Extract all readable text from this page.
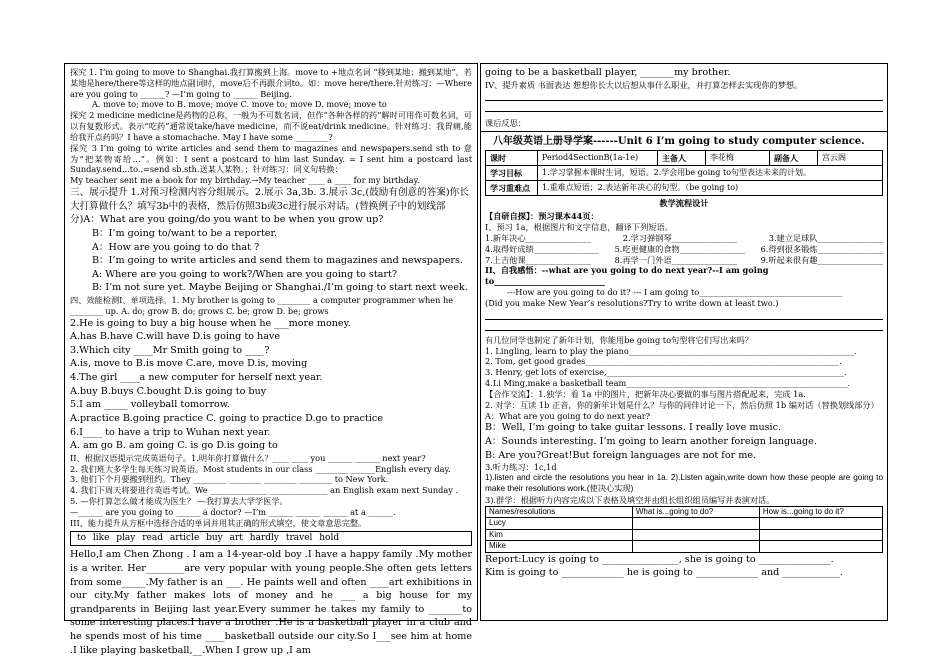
探究 1. I’m going to move to Shanghai.我打算搬到上海。move to +地点名词 “移到某地；搬到某地”，若某地是here/there等这样的地点副词时，move后不再跟介词to。如：move here/there.针对练习：—Where are you going to ______? —I’m going to ______ Beijing.

A. move to; move to B. move; move C. move to; move D. move; move to

探究 2 medicine medicine是药物的总称，一般为不可数名词，但作“各种各样的药”解时可用作可数名词，可以有复数形式。表示“吃药”通常说take/have medicine，而不说eat/drink medicine。针对练习：我胃痛,能给我开点药吗？I have a stomachache. May I have some ________?

探究 3 I’m going to write articles and send them to magazines and newspapers.send sth to 意为“把某物寄给…”。例如：I sent a postcard to him last Sunday. = I sent him a postcard last Sunday.send...to..=send sb.sth.送某人某物。；针对练习：同义句转换：

My teacher sent me a book for my birthday.→My teacher ____ a ____ for my birthday.

三、展示提升 1.对预习检测内容分组展示。2.展示 3a,3b. 3.展示 3c,(鼓励有创意的答案)你长大打算做什么？填写3b中的表格，然后仿照3b或3c进行展示对话。(替换例子中的划线部分)A：What are you going/do you want to be when you grow up?

B：I’m going to/want to be a reporter.

A：How are you going to do that ?

B：I’m going to write articles and send them to magazines and newspapers.

A: Where are you going to work?/When are you going to start?

B: I’m not sure yet. Maybe Beijing or Shanghai./I’m going to start next week.

四、效能检测I、单项选择。1. My brother is going to ________ a computer programmer when he ________ up. A. do; grow B. do; grows C. be; grow D. be; grows

2.He is going to buy a big house when he ___more money.

A.has B.have C.will have D.is going to have

3.Which city ____Mr Smith going to ____?

A.is, move to B.is move C.are, move D.is, moving

4.The girl ____a new computer for herself next year.

A.buy B.buys C.bought D.is going to buy

5.I am _____ volleyball tomorrow.

A.practice B.going practice C. going to practice D.go to practice

6.I____ to have a trip to Wuhan next year.

A. am go B. am going C. is go D.is going to

II、根据汉语提示完成英语句子。1.明年你打算做什么？____ ____ you ______ ______ next year?

2. 我们班大多学生每天练习说英语。Most students in our class ________ ______English every day.

3. 他们下个月要搬到纽约。They ________ ________ ________ ________ to New York.

4. 我们下周天将要进行英语考试。We ______________ ______________ an English exam next Sunday .

5. —你打算怎么做才能成为医生？ —我打算去大学学医学。

—______ are you going to ______ a doctor? —I’m ______ ______ ______ at a ______.

III、能力提升从方框中选择合适的单词并用其正确的形式填空，使文章意思完整。

to like play read article buy art hardly travel hold

Hello,I am Chen Zhong . I am a 14-year-old boy .I have a happy family .My mother is a writer. Her________are very popular with young people.She often gets letters from some_____.My father is an ___. He paints well and often ____art exhibitions in our city.My father makes lots of money and he ___ a big house for my grandparents in Beijing last year.Every summer he takes my family to _______to some interesting places.I have a brother .He is a basketball player in a club and he spends most of his time ____basketball outside our city.So I___see him at home .I like playing basketball,__.When I grow up ,I am

going to be a basketball player, _______my brother.

IV、提升素质 书面表达 想想你长大以后想从事什么职业，并打算怎样去实现你的梦想。

课后反思：

八年级英语上册导学案------Unit 6 I’m going to study computer science.

课时	Period4SectionB(1a-1e)	主备人	李花梅	副备人	宫云阁
学习目标	1.学习掌握本课时生词，短语。2.学会用be going to句型表达未来的计划。				
学习重难点	1.重难点短语；2.表达新年决心的句型。（be going to)				

教学流程设计

【自研自探】：预习课本44页：

I、预习 1a，根据图片和文字信息，翻译下列短语。

1.新年决心________________	2.学习弹钢琴________________	3.建立足球队________________
4.取得好成绩________________ 5.吃更健康的食物________________ 6.得到很多锻炼________________
7.上吉他课________________	8.再学一门外语________________	9.听起来很有趣________________

II、自我感悟：--what are you going to do next year?--I am going to___________________________

---How are you going to do it? --- I am going to___________________________________

(Did you make New Year’s resolutions?Try to write down at least two.)

有几位同学也制定了新年计划，你能用be going to句型将它们写出来吗？

1. Lingling, learn to play the piano_______________________________________________________.

2. Tom, get good grades______________________________________________________________.

3. Henry, get lots of exercise,__________________________________________________________.

4.Li Ming,make a basketball team______________________________________________________.

【合作交流】：1.独学：看 1a 中的图片，把新年决心要做的事与图片搭配起来，完成 1a.

2. 对学：互读 1b 正音，你的新年计划是什么？与你的同伴讨论一下，然后仿照 1b 编对话（替换划线部分）A：What are you going to do next year?

B：Well, I’m going to take guitar lessons. I really love music.

A：Sounds interesting. I’m going to learn another foreign language.

B: Are you?Great!But foreign languages are not for me.

3.听力练习：1c,1d

1).listen and circle the resolutions you hear in 1a. 2).Listen again,write down how these people are going to make their resolutions work.(使决心实现)

3).群学：根据听力内容完成以下表格及填空并由组长组织组员编写并表演对话。

Names/resolutions	What is...going to do?	How is...going to do it?
Lucy		
Kim		
Mike		

Report:Lucy is going to ________________, she is going to _______________.

Kim is going to _____________ he is going to _____________ and ____________.
